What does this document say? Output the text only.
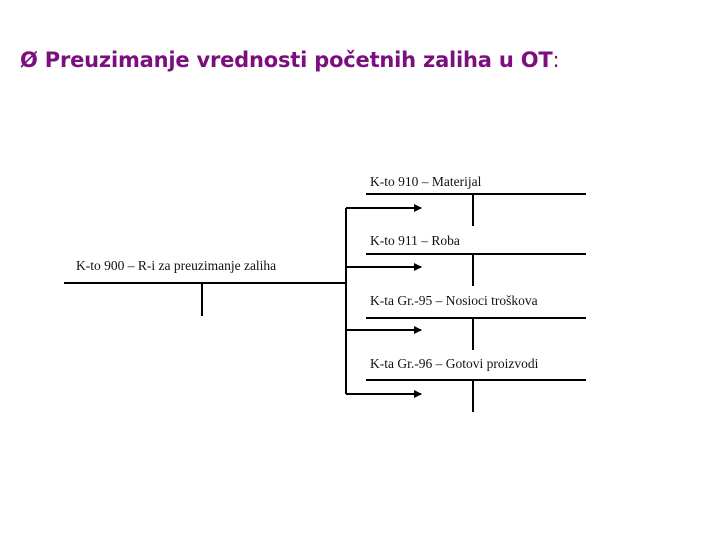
Ø Preuzimanje vrednosti početnih zaliha u OT:
K-to 910 – Materijal
K-to 911 – Roba
K-to 900 – R-i za preuzimanje zaliha
K-ta Gr.-95 – Nosioci troškova
K-ta Gr.-96 – Gotovi proizvodi
